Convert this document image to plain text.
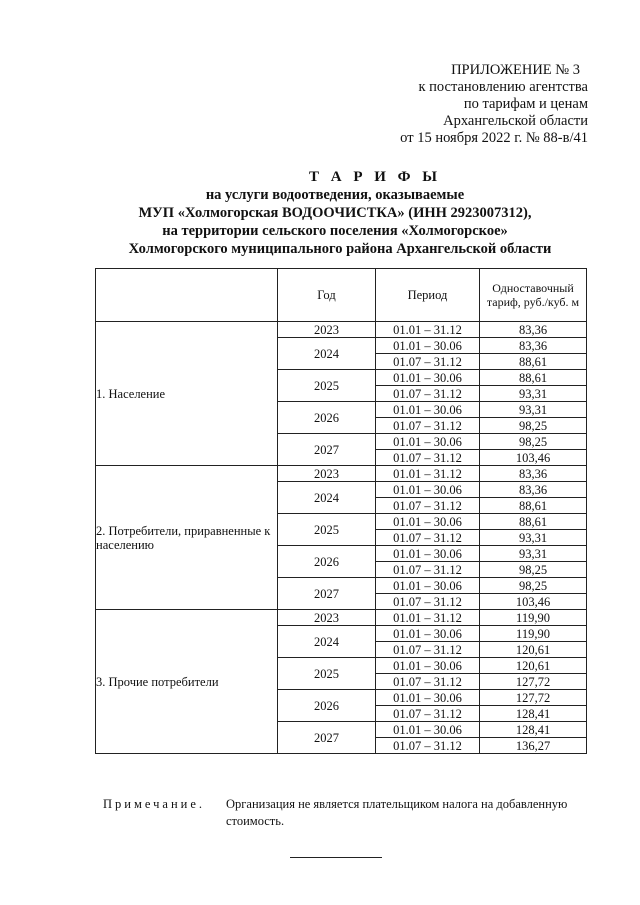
ПРИЛОЖЕНИЕ № 3
к постановлению агентства
по тарифам и ценам
Архангельской области
от 15 ноября 2022 г. № 88-в/41
Т А Р И Ф Ы
на услуги водоотведения, оказываемые
МУП «Холмогорская ВОДООЧИСТКА» (ИНН 2923007312),
на территории сельского поселения «Холмогорское»
Холмогорского муниципального района Архангельской области
	Год	Период	Одноставочный тариф, руб./куб. м
1. Население	2023	01.01 – 31.12	83,36
	2024	01.01 – 30.06	83,36
		01.07 – 31.12	88,61
	2025	01.01 – 30.06	88,61
		01.07 – 31.12	93,31
	2026	01.01 – 30.06	93,31
		01.07 – 31.12	98,25
	2027	01.01 – 30.06	98,25
		01.07 – 31.12	103,46
2. Потребители, приравненные к населению	2023	01.01 – 31.12	83,36
	2024	01.01 – 30.06	83,36
		01.07 – 31.12	88,61
	2025	01.01 – 30.06	88,61
		01.07 – 31.12	93,31
	2026	01.01 – 30.06	93,31
		01.07 – 31.12	98,25
	2027	01.01 – 30.06	98,25
		01.07 – 31.12	103,46
3. Прочие потребители	2023	01.01 – 31.12	119,90
	2024	01.01 – 30.06	119,90
		01.07 – 31.12	120,61
	2025	01.01 – 30.06	120,61
		01.07 – 31.12	127,72
	2026	01.01 – 30.06	127,72
		01.07 – 31.12	128,41
	2027	01.01 – 30.06	128,41
		01.07 – 31.12	136,27
Примечание. Организация не является плательщиком налога на добавленную стоимость.
